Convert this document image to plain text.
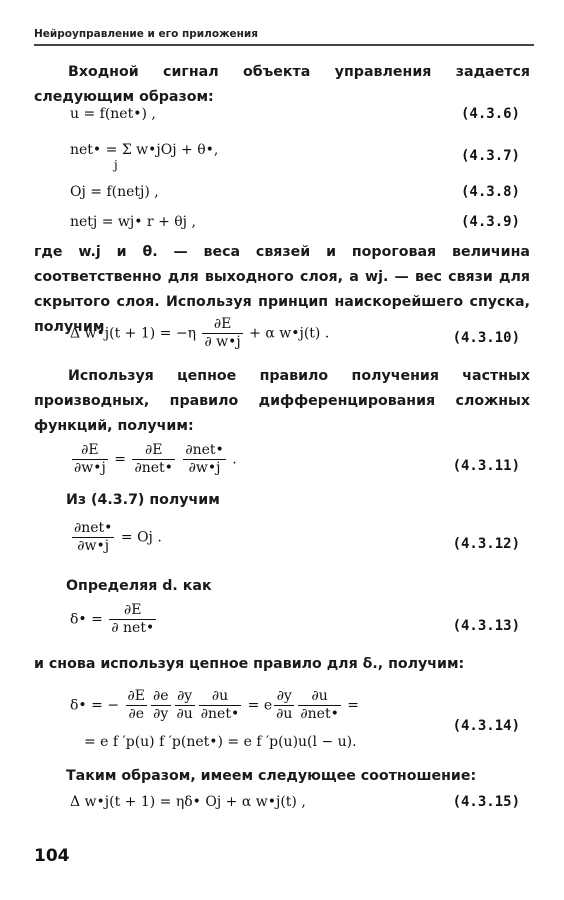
Нейроуправление и его приложения
Входной сигнал объекта управления задается следующим образом:
u = f(net•) ,	(4.3.6)
net• = Σ w•jOj + θ•,
j
(4.3.7)
Oj = f(netj) ,	(4.3.8)
netj = wj• r + θj ,	(4.3.9)
где w.j и θ. — веса связей и пороговая величина соответственно для выходного слоя, а wj. — вес связи для скрытого слоя. Используя принцип наискорейшего спуска, получим
Δ w•j(t + $1) = -\eta \frac{\partial E}{\partial w•j} + \alpha$ w•j(t) .	(4.3.10)
Используя цепное правило получения частных производных, правило дифференцирования сложных функций, получим:
$\frac{\partial E}{\partial w•j} = \frac{\partial E}{\text{∂net•}}$
$\frac{\text{∂net•}}{\partial w•j}$ .	(4.3.11)
Из (4.3.7) получим
$\frac{\text{∂net•}}{\partial w•j} = Oj$ .	(4.3.12)
Определяя d. как
δ• = $\frac{\partial E}{\text{∂ net•}}$	(4.3.13)
и снова используя цепное правило для δ., получим:
δ• = − $\frac{\partial E}{\partial e} \frac{\partial e}{\partial y} \frac{\partial y}{\partial u} \frac{\partial u}{\text{∂net•}} = e \frac{\partial y}{\partial u} \frac{\partial u}{\text{∂net•}}$ =
= e f ′p(u) f ′p(net•) = e f ′p(u)u(l − u).
(4.3.14)
Таким образом, имеем следующее соотношение:
Δ w•j(t + 1) = ηδ• Oj + α w•j(t) ,	(4.3.15)
104
